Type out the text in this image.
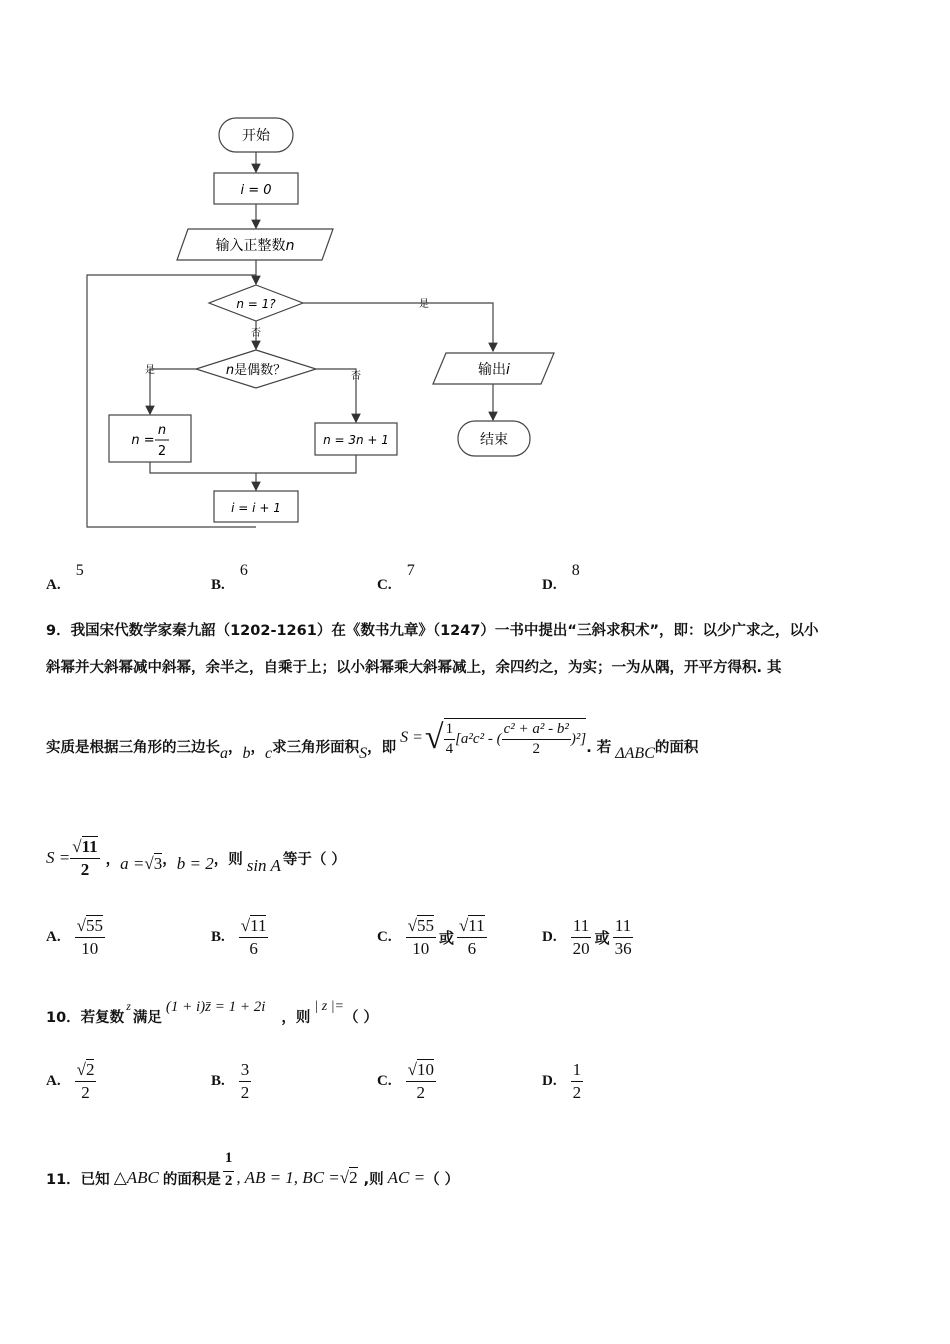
开始
i = 0
输入正整数n
n = 1?	是
否
n是偶数？
是
否
n =
n
2
n = 3n + 1
i = i + 1
输出i
结束
A. 5
B. 6
C. 7
D. 8
9．我国宋代数学家秦九韶（1202-1261）在《数书九章》（1247）一书中提出“三斜求积术”，即：以少广求之，以小
斜幂并大斜幂减中斜幂，余半之，自乘于上；以小斜幂乘大斜幂减上，余四约之，为实；一为从隅，开平方得积. 其
实质是根据三角形的三边长 a ， b ， c 求三角形面积 S ，即
S = √ $\frac{1}{4} [a^2c^2$ - ( $\frac{\text{c² + a² - b²}}{2} )^2$]
. 若 ΔABC 的面积
$S = \frac{√11}{2}$ ， a =√3 ， b = 2 ，则 sin A 等于（ ）
A. $\frac{√55}{10}$	B. $\frac{√11}{6}$	C. $\frac{√55}{10}$ 或 $\frac{√11}{6}$	D. $\frac{11}{20}$ 或 $\frac{11}{36}$
10．若复数
z
满足
(1 + i)z̄ = 1 + 2i
，则
| z |=
（ ）
A. $\frac{√2}{2}$	B. $\frac{3}{2}$	C. $\frac{√10}{2}$	D. $\frac{1}{2}$
11．已知 △ABC 的面积是 $\frac{1}{2}$ , AB = 1, BC =√2 ,则 AC = （ ）
